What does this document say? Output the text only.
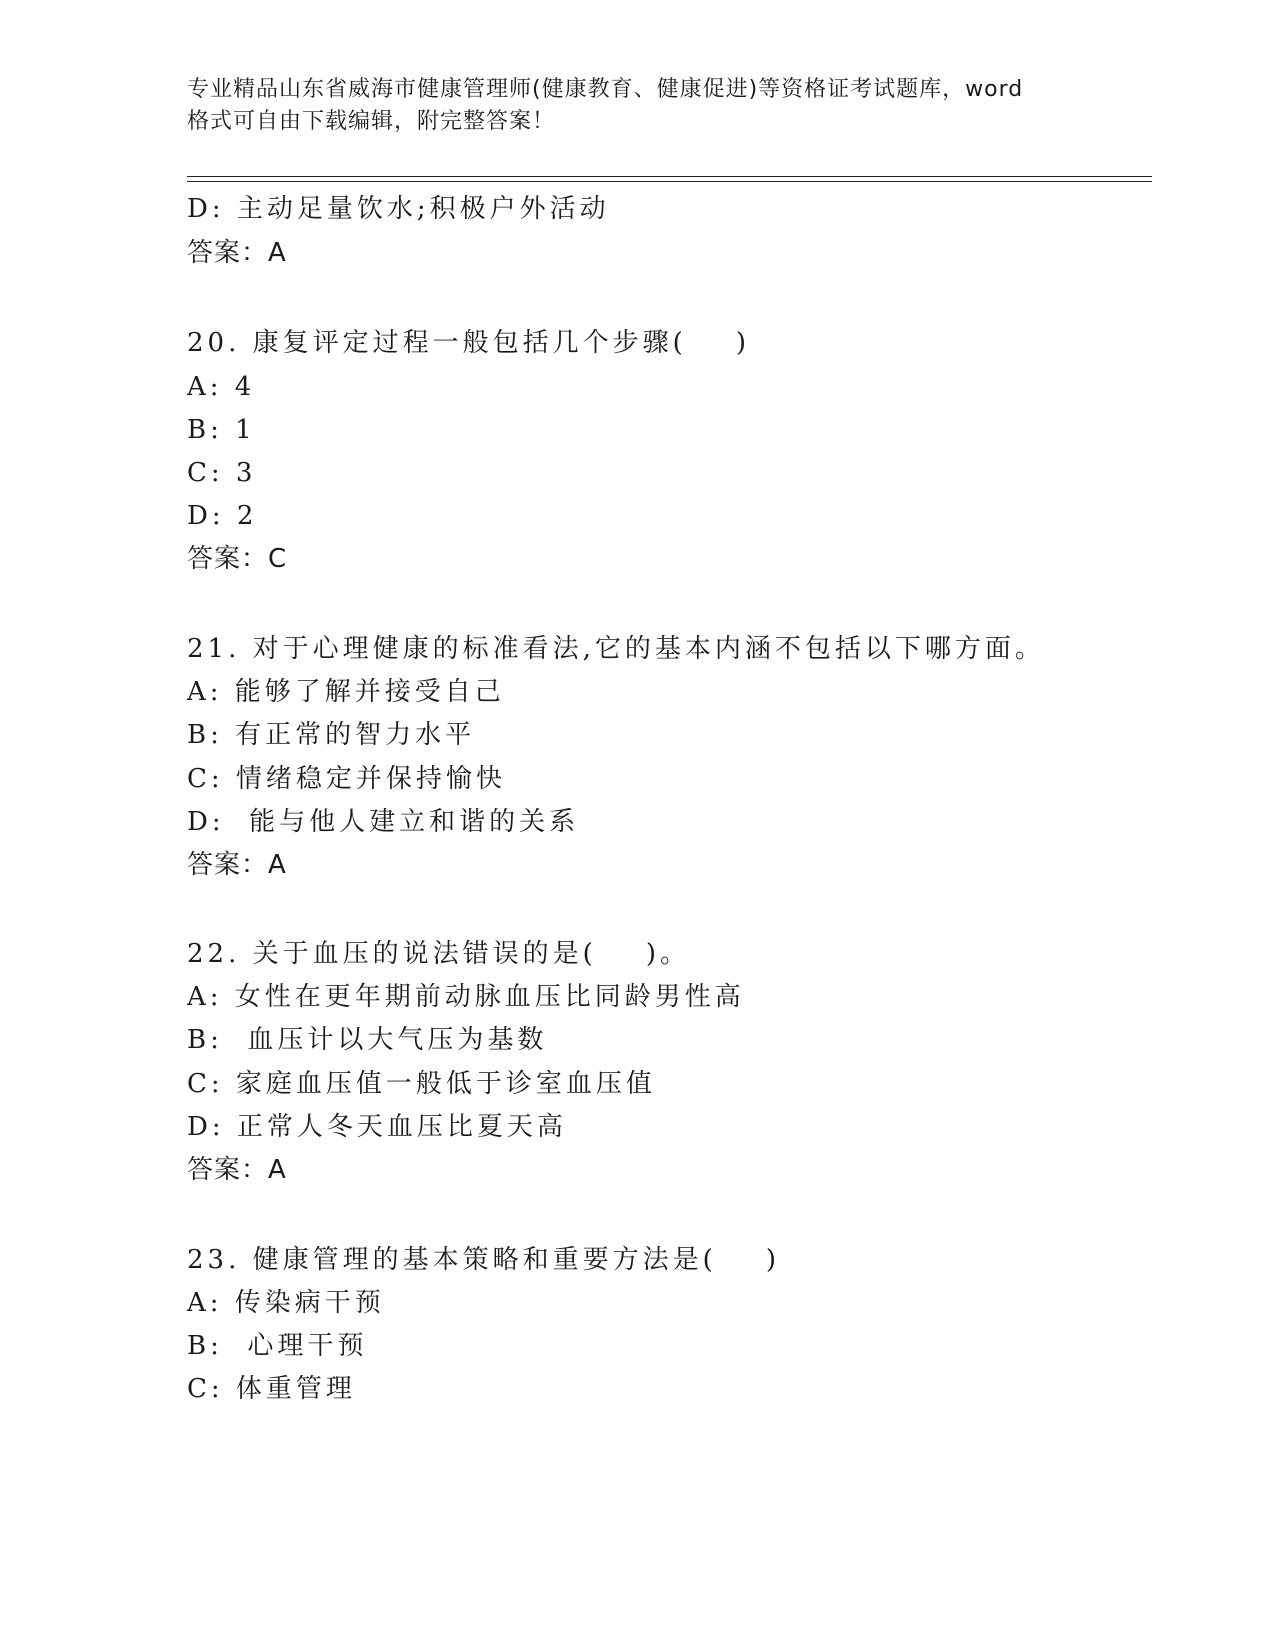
专业精品山东省威海市健康管理师(健康教育、健康促进)等资格证考试题库，word
格式可自由下载编辑，附完整答案！
D: 主动足量饮水;积极户外活动
答案：A
20. 康复评定过程一般包括几个步骤(    )
A: 4
B: 1
C: 3
D: 2
答案：C
21. 对于心理健康的标准看法,它的基本内涵不包括以下哪方面。
A: 能够了解并接受自己
B: 有正常的智力水平
C: 情绪稳定并保持愉快
D:  能与他人建立和谐的关系
答案：A
22. 关于血压的说法错误的是(    )。
A: 女性在更年期前动脉血压比同龄男性高
B:  血压计以大气压为基数
C: 家庭血压值一般低于诊室血压值
D: 正常人冬天血压比夏天高
答案：A
23. 健康管理的基本策略和重要方法是(    )
A: 传染病干预
B:  心理干预
C: 体重管理
